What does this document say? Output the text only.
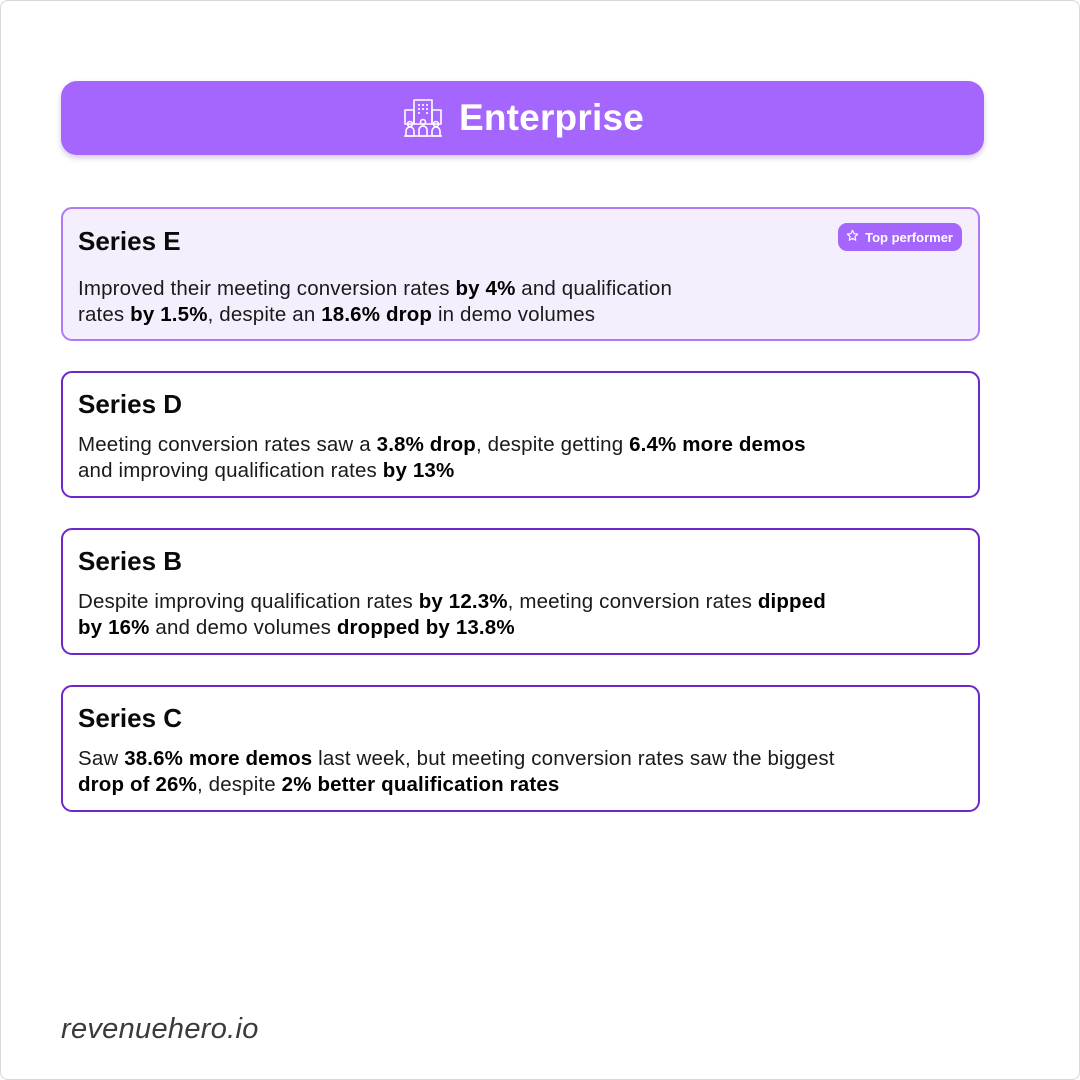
Enterprise
Series E	Top performer
Improved their meeting conversion rates by 4% and qualification
rates by 1.5%, despite an 18.6% drop in demo volumes
Series D
Meeting conversion rates saw a 3.8% drop, despite getting 6.4% more demos
and improving qualification rates by 13%
Series B
Despite improving qualification rates by 12.3%, meeting conversion rates dipped
by 16% and demo volumes dropped by 13.8%
Series C
Saw 38.6% more demos last week, but meeting conversion rates saw the biggest
drop of 26%, despite 2% better qualification rates
revenuehero.io
